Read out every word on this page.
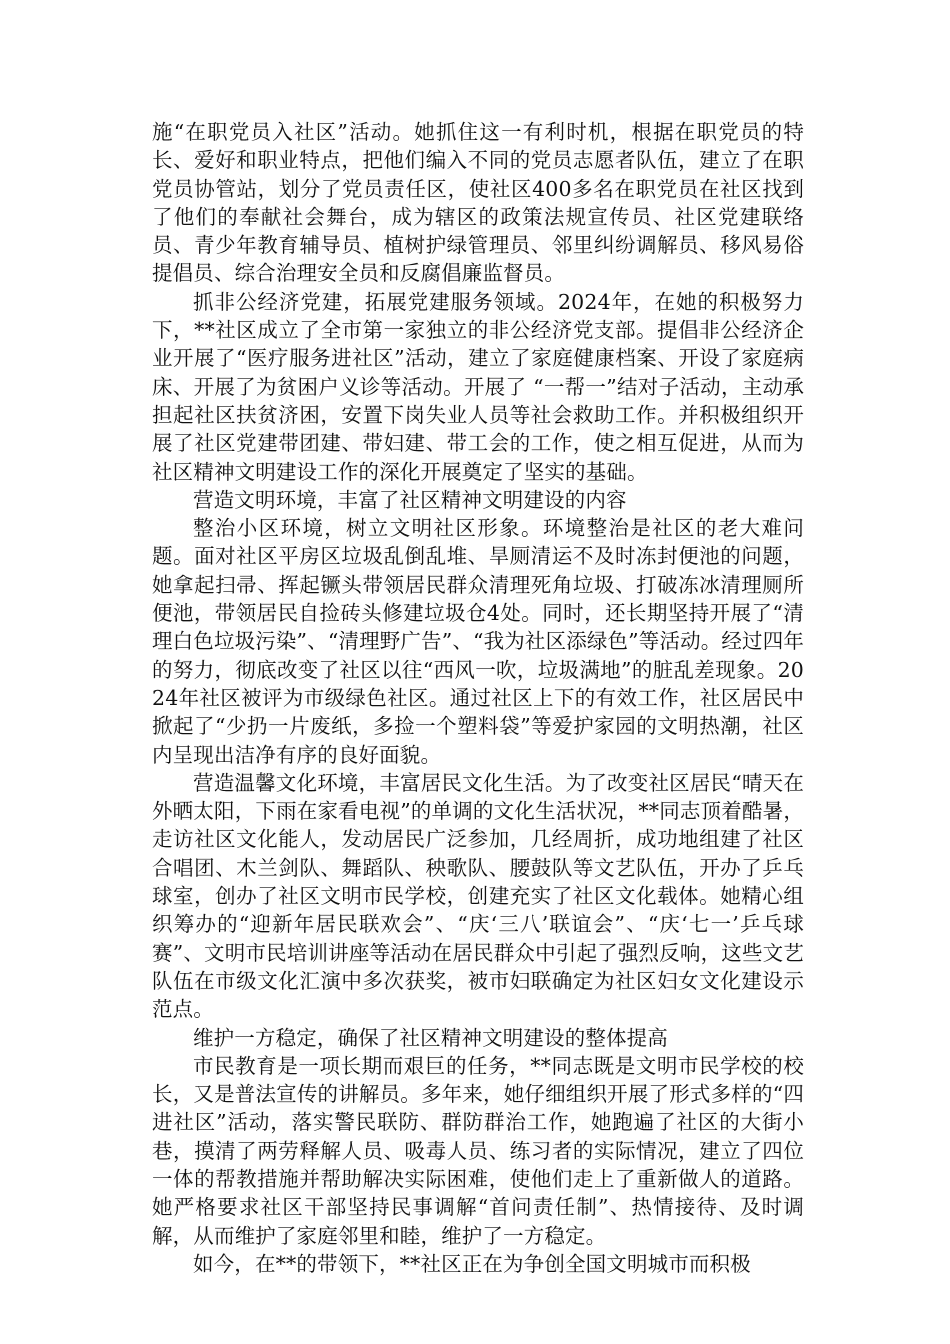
施“在职党员入社区”活动。她抓住这一有利时机，根据在职党员的特长、爱好和职业特点，把他们编入不同的党员志愿者队伍，建立了在职党员协管站，划分了党员责任区，使社区400多名在职党员在社区找到了他们的奉献社会舞台，成为辖区的政策法规宣传员、社区党建联络员、青少年教育辅导员、植树护绿管理员、邻里纠纷调解员、移风易俗提倡员、综合治理安全员和反腐倡廉监督员。

抓非公经济党建，拓展党建服务领域。2024年，在她的积极努力下，**社区成立了全市第一家独立的非公经济党支部。提倡非公经济企业开展了“医疗服务进社区”活动，建立了家庭健康档案、开设了家庭病床、开展了为贫困户义诊等活动。开展了 “一帮一”结对子活动，主动承担起社区扶贫济困，安置下岗失业人员等社会救助工作。并积极组织开展了社区党建带团建、带妇建、带工会的工作，使之相互促进，从而为社区精神文明建设工作的深化开展奠定了坚实的基础。

营造文明环境，丰富了社区精神文明建设的内容

整治小区环境，树立文明社区形象。环境整治是社区的老大难问题。面对社区平房区垃圾乱倒乱堆、旱厕清运不及时冻封便池的问题，她拿起扫帚、挥起镢头带领居民群众清理死角垃圾、打破冻冰清理厕所便池，带领居民自捡砖头修建垃圾仓4处。同时，还长期坚持开展了“清理白色垃圾污染”、“清理野广告”、“我为社区添绿色”等活动。经过四年的努力，彻底改变了社区以往“西风一吹，垃圾满地”的脏乱差现象。2024年社区被评为市级绿色社区。通过社区上下的有效工作，社区居民中掀起了“少扔一片废纸，多捡一个塑料袋”等爱护家园的文明热潮，社区内呈现出洁净有序的良好面貌。

营造温馨文化环境，丰富居民文化生活。为了改变社区居民“晴天在外晒太阳，下雨在家看电视”的单调的文化生活状况，**同志顶着酷暑，走访社区文化能人，发动居民广泛参加，几经周折，成功地组建了社区合唱团、木兰剑队、舞蹈队、秧歌队、腰鼓队等文艺队伍，开办了乒乓球室，创办了社区文明市民学校，创建充实了社区文化载体。她精心组织筹办的“迎新年居民联欢会”、“庆‘三八’联谊会”、“庆‘七一’乒乓球赛”、文明市民培训讲座等活动在居民群众中引起了强烈反响，这些文艺队伍在市级文化汇演中多次获奖，被市妇联确定为社区妇女文化建设示范点。

维护一方稳定，确保了社区精神文明建设的整体提高

市民教育是一项长期而艰巨的任务，**同志既是文明市民学校的校长，又是普法宣传的讲解员。多年来，她仔细组织开展了形式多样的“四进社区”活动，落实警民联防、群防群治工作，她跑遍了社区的大街小巷，摸清了两劳释解人员、吸毒人员、练习者的实际情况，建立了四位一体的帮教措施并帮助解决实际困难，使他们走上了重新做人的道路。她严格要求社区干部坚持民事调解“首问责任制”、热情接待、及时调解，从而维护了家庭邻里和睦，维护了一方稳定。

如今，在**的带领下，**社区正在为争创全国文明城市而积极
